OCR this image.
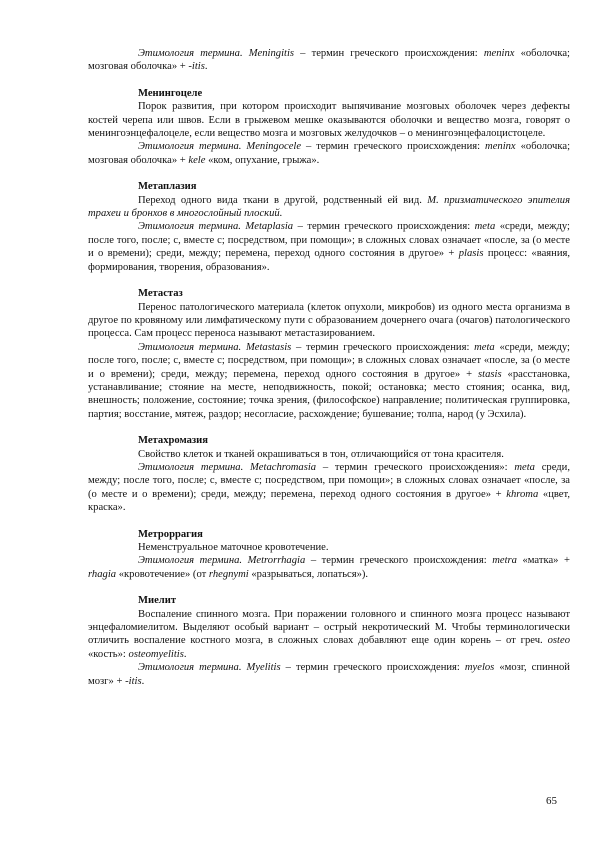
Этимология термина. Meningitis – термин греческого происхождения: meninx «оболочка; мозговая оболочка» + -itis.

Менингоцеле

Порок развития, при котором происходит выпячивание мозговых оболочек через дефекты костей черепа или швов. Если в грыжевом мешке оказываются оболочки и вещество мозга, говорят о менингоэнцефалоцеле, если вещество мозга и мозговых желудочков – о менингоэнцефалоцистоцеле.

Этимология термина. Meningocele – термин греческого происхождения: meninx «оболочка; мозговая оболочка» + kele «ком, опухание, грыжа».

Метаплазия

Переход одного вида ткани в другой, родственный ей вид. М. призматического эпителия трахеи и бронхов в многослойный плоский.

Этимология термина. Metaplasia – термин греческого происхождения: meta «среди, между; после того, после; с, вместе с; посредством, при помощи»; в сложных словах означает «после, за (о месте и о времени); среди, между; перемена, переход одного состояния в другое» + plasis процесс: «ваяния, формирования, творения, образования».

Метастаз

Перенос патологического материала (клеток опухоли, микробов) из одного места организма в другое по кровяному или лимфатическому пути с образованием дочернего очага (очагов) патологического процесса. Сам процесс переноса называют метастазированием.

Этимология термина. Metastasis – термин греческого происхождения: meta «среди, между; после того, после; с, вместе с; посредством, при помощи»; в сложных словах означает «после, за (о месте и о времени); среди, между; перемена, переход одного состояния в другое» + stasis «расстановка, устанавливание; стояние на месте, неподвижность, покой; остановка; место стояния; осанка, вид, внешность; положение, состояние; точка зрения, (философское) направление; политическая группировка, партия; восстание, мятеж, раздор; несогласие, расхождение; бушевание; толпа, народ (у Эсхила).

Метахромазия

Свойство клеток и тканей окрашиваться в тон, отличающийся от тона красителя.

Этимология термина. Metachromasia – термин греческого происхождения»: meta среди, между; после того, после; с, вместе с; посредством, при помощи»; в сложных словах означает «после, за (о месте и о времени); среди, между; перемена, переход одного состояния в другое» + khroma «цвет, краска».

Метроррагия

Неменструальное маточное кровотечение.

Этимология термина. Metrorrhagia – термин греческого происхождения: metra «матка» + rhagia «кровотечение» (от rhegnymi «разрываться, лопаться»).

Миелит

Воспаление спинного мозга. При поражении головного и спинного мозга процесс называют энцефаломиелитом. Выделяют особый вариант – острый некротический М. Чтобы терминологически отличить воспаление костного мозга, в сложных словах добавляют еще один корень – от греч. osteo «кость»: osteomyelitis.

Этимология термина. Myelitis – термин греческого происхождения: myelos «мозг, спинной мозг» + -itis.

65
